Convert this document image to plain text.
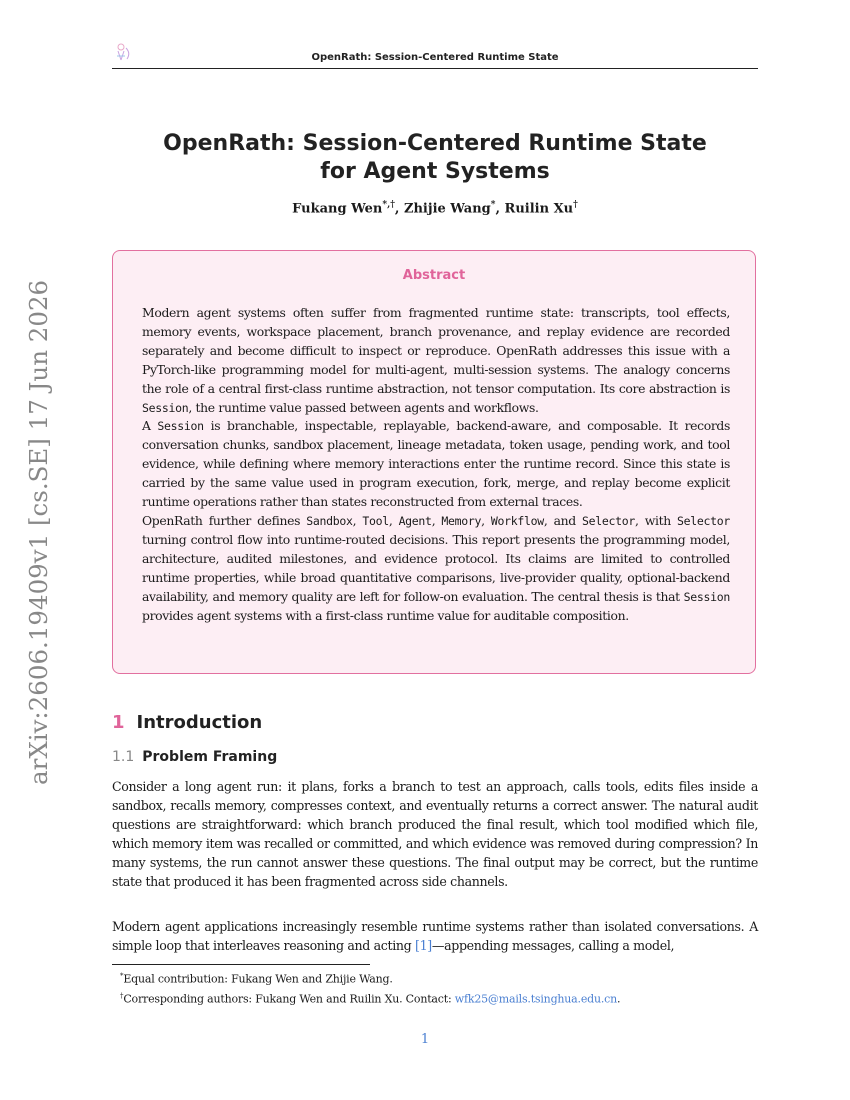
OpenRath: Session-Centered Runtime State
arXiv:2606.19409v1 [cs.SE] 17 Jun 2026
OpenRath: Session-Centered Runtime State
for Agent Systems
Fukang Wen*,†, Zhijie Wang*, Ruilin Xu†
Abstract

Modern agent systems often suffer from fragmented runtime state: transcripts, tool effects, memory events, workspace placement, branch provenance, and replay evidence are recorded separately and become difficult to inspect or reproduce. OpenRath addresses this issue with a PyTorch-like programming model for multi-agent, multi-session systems. The analogy concerns the role of a central first-class runtime abstraction, not tensor computation. Its core abstraction is Session, the runtime value passed between agents and workflows.

A Session is branchable, inspectable, replayable, backend-aware, and composable. It records conversation chunks, sandbox placement, lineage metadata, token usage, pending work, and tool evidence, while defining where memory interactions enter the runtime record. Since this state is carried by the same value used in program execution, fork, merge, and replay become explicit runtime operations rather than states reconstructed from external traces.

OpenRath further defines Sandbox, Tool, Agent, Memory, Workflow, and Selector, with Selector turning control flow into runtime-routed decisions. This report presents the programming model, architecture, audited milestones, and evidence protocol. Its claims are limited to controlled runtime properties, while broad quantitative comparisons, live-provider quality, optional-backend availability, and memory quality are left for follow-on evaluation. The central thesis is that Session provides agent systems with a first-class runtime value for auditable composition.

1 Introduction
1.1 Problem Framing

Consider a long agent run: it plans, forks a branch to test an approach, calls tools, edits files inside a sandbox, recalls memory, compresses context, and eventually returns a correct answer. The natural audit questions are straightforward: which branch produced the final result, which tool modified which file, which memory item was recalled or committed, and which evidence was removed during compression? In many systems, the run cannot answer these questions. The final output may be correct, but the runtime state that produced it has been fragmented across side channels.

Modern agent applications increasingly resemble runtime systems rather than isolated conversations. A simple loop that interleaves reasoning and acting [1]—appending messages, calling a model,

*Equal contribution: Fukang Wen and Zhijie Wang.
†Corresponding authors: Fukang Wen and Ruilin Xu. Contact: wfk25@mails.tsinghua.edu.cn.
1
